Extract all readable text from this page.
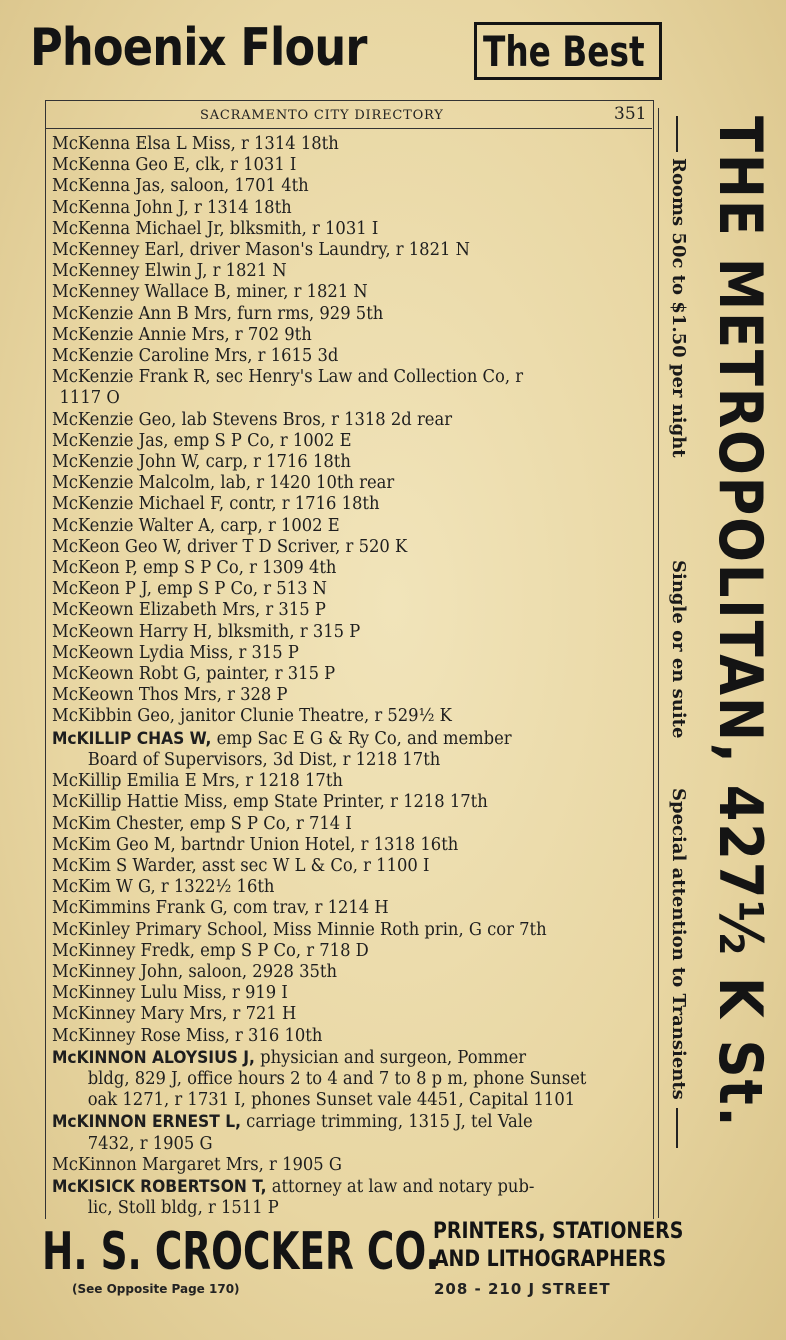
Phoenix Flour	The Best
SACRAMENTO CITY DIRECTORY	351
McKenna Elsa L Miss, r 1314 18th
McKenna Geo E, clk, r 1031 I
McKenna Jas, saloon, 1701 4th
McKenna John J, r 1314 18th
McKenna Michael Jr, blksmith, r 1031 I
McKenney Earl, driver Mason's Laundry, r 1821 N
McKenney Elwin J, r 1821 N
McKenney Wallace B, miner, r 1821 N
McKenzie Ann B Mrs, furn rms, 929 5th
McKenzie Annie Mrs, r 702 9th
McKenzie Caroline Mrs, r 1615 3d
McKenzie Frank R, sec Henry's Law and Collection Co, r
1117 O
McKenzie Geo, lab Stevens Bros, r 1318 2d rear
McKenzie Jas, emp S P Co, r 1002 E
McKenzie John W, carp, r 1716 18th
McKenzie Malcolm, lab, r 1420 10th rear
McKenzie Michael F, contr, r 1716 18th
McKenzie Walter A, carp, r 1002 E
McKeon Geo W, driver T D Scriver, r 520 K
McKeon P, emp S P Co, r 1309 4th
McKeon P J, emp S P Co, r 513 N
McKeown Elizabeth Mrs, r 315 P
McKeown Harry H, blksmith, r 315 P
McKeown Lydia Miss, r 315 P
McKeown Robt G, painter, r 315 P
McKeown Thos Mrs, r 328 P
McKibbin Geo, janitor Clunie Theatre, r 529½ K
McKILLIP CHAS W, emp Sac E G & Ry Co, and member
Board of Supervisors, 3d Dist, r 1218 17th
McKillip Emilia E Mrs, r 1218 17th
McKillip Hattie Miss, emp State Printer, r 1218 17th
McKim Chester, emp S P Co, r 714 I
McKim Geo M, bartndr Union Hotel, r 1318 16th
McKim S Warder, asst sec W L & Co, r 1100 I
McKim W G, r 1322½ 16th
McKimmins Frank G, com trav, r 1214 H
McKinley Primary School, Miss Minnie Roth prin, G cor 7th
McKinney Fredk, emp S P Co, r 718 D
McKinney John, saloon, 2928 35th
McKinney Lulu Miss, r 919 I
McKinney Mary Mrs, r 721 H
McKinney Rose Miss, r 316 10th
McKINNON ALOYSIUS J, physician and surgeon, Pommer
bldg, 829 J, office hours 2 to 4 and 7 to 8 p m, phone Sunset
oak 1271, r 1731 I, phones Sunset vale 4451, Capital 1101
McKINNON ERNEST L, carriage trimming, 1315 J, tel Vale
7432, r 1905 G
McKinnon Margaret Mrs, r 1905 G
McKISICK ROBERTSON T, attorney at law and notary pub-
lic, Stoll bldg, r 1511 P
THE METROPOLITAN, 427½ K St.
Rooms 50c to $1.50 per night
Single or en suite
Special attention to Transients
H. S. CROCKER CO.
(See Opposite Page 170)
PRINTERS, STATIONERS
AND LITHOGRAPHERS
208 - 210 J STREET
